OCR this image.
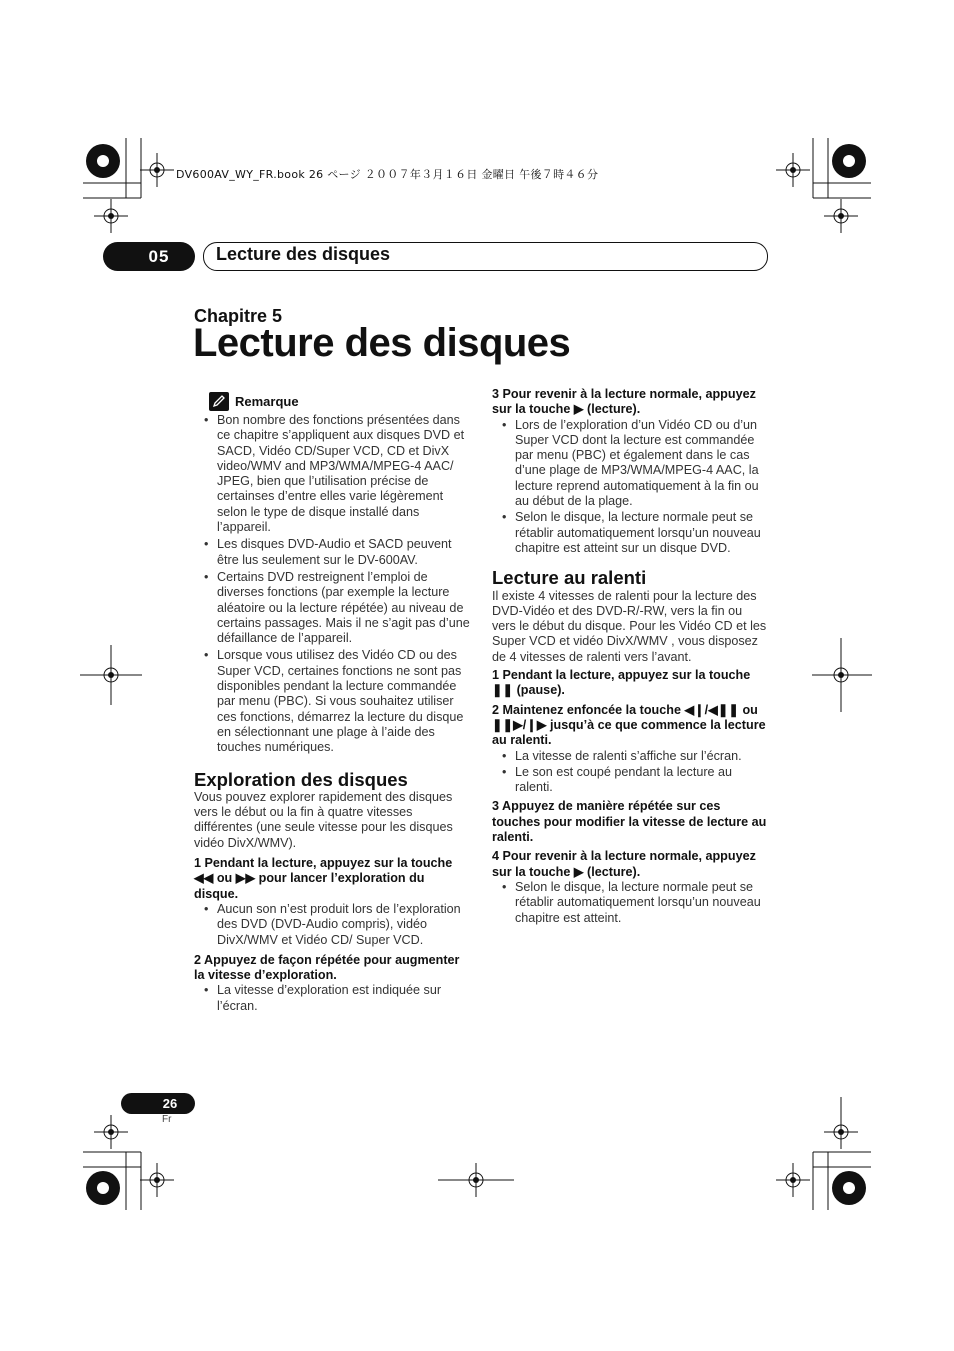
DV600AV_WY_FR.book 26 ページ ２００７年３月１６日 金曜日 午後７時４６分
05	Lecture des disques
Chapitre 5
Lecture des disques
Remarque
• Bon nombre des fonctions présentées dans ce chapitre s’appliquent aux disques DVD et SACD, Vidéo CD/Super VCD, CD et DivX video/WMV and MP3/WMA/MPEG-4 AAC/ JPEG, bien que l’utilisation précise de certainses d’entre elles varie légèrement selon le type de disque installé dans l’appareil.
• Les disques DVD-Audio et SACD peuvent être lus seulement sur le DV-600AV.
• Certains DVD restreignent l’emploi de diverses fonctions (par exemple la lecture aléatoire ou la lecture répétée) au niveau de certains passages. Mais il ne s’agit pas d’une défaillance de l’appareil.
• Lorsque vous utilisez des Vidéo CD ou des Super VCD, certaines fonctions ne sont pas disponibles pendant la lecture commandée par menu (PBC). Si vous souhaitez utiliser ces fonctions, démarrez la lecture du disque en sélectionnant une plage à l’aide des touches numériques.
Exploration des disques
Vous pouvez explorer rapidement des disques vers le début ou la fin à quatre vitesses différentes (une seule vitesse pour les disques vidéo DivX/WMV).
1 Pendant la lecture, appuyez sur la touche ◀◀ ou ▶▶ pour lancer l’exploration du disque.
• Aucun son n’est produit lors de l’exploration des DVD (DVD-Audio compris), vidéo DivX/WMV et Vidéo CD/ Super VCD.
2 Appuyez de façon répétée pour augmenter la vitesse d’exploration.
• La vitesse d’exploration est indiquée sur l’écran.
3 Pour revenir à la lecture normale, appuyez sur la touche ▶ (lecture).
• Lors de l’exploration d’un Vidéo CD ou d’un Super VCD dont la lecture est commandée par menu (PBC) et également dans le cas d’une plage de MP3/WMA/MPEG-4 AAC, la lecture reprend automatiquement à la fin ou au début de la plage.
• Selon le disque, la lecture normale peut se rétablir automatiquement lorsqu’un nouveau chapitre est atteint sur un disque DVD.
Lecture au ralenti
Il existe 4 vitesses de ralenti pour la lecture des DVD-Vidéo et des DVD-R/-RW, vers la fin ou vers le début du disque. Pour les Vidéo CD et les Super VCD et vidéo DivX/WMV , vous disposez de 4 vitesses de ralenti vers l’avant.
1 Pendant la lecture, appuyez sur la touche ❚❚ (pause).
2 Maintenez enfoncée la touche ◀❙/◀❚❚ ou ❚❚▶/❙▶ jusqu’à ce que commence la lecture au ralenti.
• La vitesse de ralenti s’affiche sur l’écran.
• Le son est coupé pendant la lecture au ralenti.
3 Appuyez de manière répétée sur ces touches pour modifier la vitesse de lecture au ralenti.
4 Pour revenir à la lecture normale, appuyez sur la touche ▶ (lecture).
• Selon le disque, la lecture normale peut se rétablir automatiquement lorsqu’un nouveau chapitre est atteint.
26
Fr
